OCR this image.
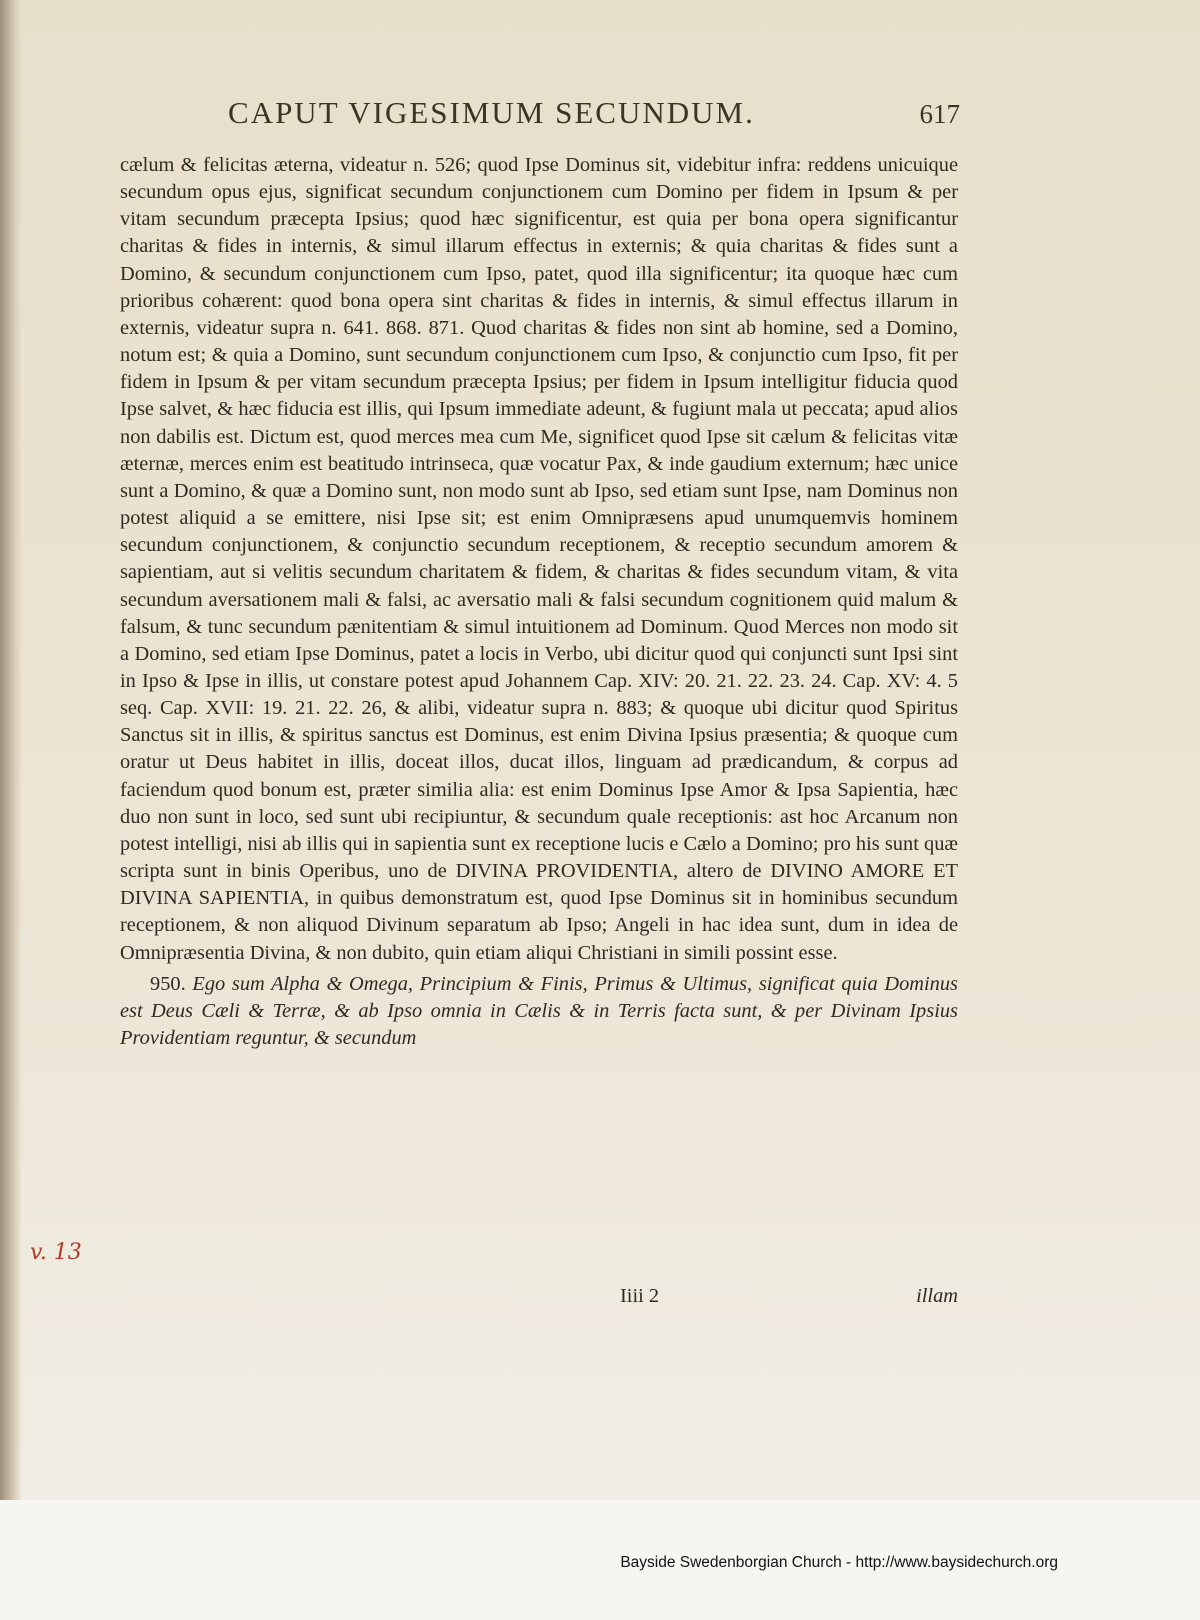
CAPUT VIGESIMUM SECUNDUM.	617

cælum & felicitas æterna, videatur n. 526; quod Ipse Dominus sit, videbitur infra: reddens unicuique secundum opus ejus, significat secundum conjunctionem cum Domino per fidem in Ipsum & per vitam secundum præcepta Ipsius; quod hæc significentur, est quia per bona opera significantur charitas & fides in internis, & simul illarum effectus in externis; & quia charitas & fides sunt a Domino, & secundum conjunctionem cum Ipso, patet, quod illa significentur; ita quoque hæc cum prioribus cohærent: quod bona opera sint charitas & fides in internis, & simul effectus illarum in externis, videatur supra n. 641. 868. 871. Quod charitas & fides non sint ab homine, sed a Domino, notum est; & quia a Domino, sunt secundum conjunctionem cum Ipso, & conjunctio cum Ipso, fit per fidem in Ipsum & per vitam secundum præcepta Ipsius; per fidem in Ipsum intelligitur fiducia quod Ipse salvet, & hæc fiducia est illis, qui Ipsum immediate adeunt, & fugiunt mala ut peccata; apud alios non dabilis est. Dictum est, quod merces mea cum Me, significet quod Ipse sit cælum & felicitas vitæ æternæ, merces enim est beatitudo intrinseca, quæ vocatur Pax, & inde gaudium externum; hæc unice sunt a Domino, & quæ a Domino sunt, non modo sunt ab Ipso, sed etiam sunt Ipse, nam Dominus non potest aliquid a se emittere, nisi Ipse sit; est enim Omnipræsens apud unumquemvis hominem secundum conjunctionem, & conjunctio secundum receptionem, & receptio secundum amorem & sapientiam, aut si velitis secundum charitatem & fidem, & charitas & fides secundum vitam, & vita secundum aversationem mali & falsi, ac aversatio mali & falsi secundum cognitionem quid malum & falsum, & tunc secundum pænitentiam & simul intuitionem ad Dominum. Quod Merces non modo sit a Domino, sed etiam Ipse Dominus, patet a locis in Verbo, ubi dicitur quod qui conjuncti sunt Ipsi sint in Ipso & Ipse in illis, ut constare potest apud Johannem Cap. XIV: 20. 21. 22. 23. 24. Cap. XV: 4. 5 seq. Cap. XVII: 19. 21. 22. 26, & alibi, videatur supra n. 883; & quoque ubi dicitur quod Spiritus Sanctus sit in illis, & spiritus sanctus est Dominus, est enim Divina Ipsius præsentia; & quoque cum oratur ut Deus habitet in illis, doceat illos, ducat illos, linguam ad prædicandum, & corpus ad faciendum quod bonum est, præter similia alia: est enim Dominus Ipse Amor & Ipsa Sapientia, hæc duo non sunt in loco, sed sunt ubi recipiuntur, & secundum quale receptionis: ast hoc Arcanum non potest intelligi, nisi ab illis qui in sapientia sunt ex receptione lucis e Cælo a Domino; pro his sunt quæ scripta sunt in binis Operibus, uno de DIVINA PROVIDENTIA, altero de DIVINO AMORE ET DIVINA SAPIENTIA, in quibus demonstratum est, quod Ipse Dominus sit in hominibus secundum receptionem, & non aliquod Divinum separatum ab Ipso; Angeli in hac idea sunt, dum in idea de Omnipræsentia Divina, & non dubito, quin etiam aliqui Christiani in simili possint esse.

950. Ego sum Alpha & Omega, Principium & Finis, Primus & Ultimus, significat quia Dominus est Deus Cæli & Terræ, & ab Ipso omnia in Cælis & in Terris facta sunt, & per Divinam Ipsius Providentiam reguntur, & secundum

Iiii 2	illam
v. 13
Bayside Swedenborgian Church - http://www.baysidechurch.org
